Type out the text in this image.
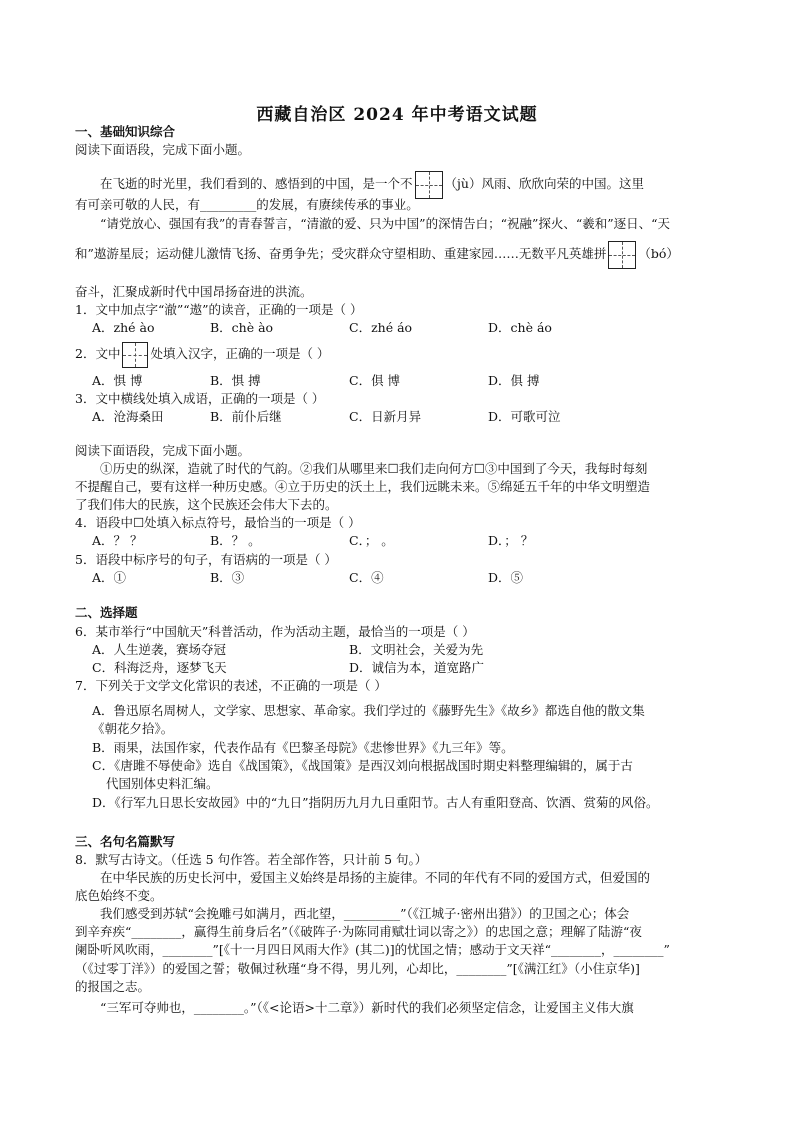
西藏自治区 2024 年中考语文试题
一、基础知识综合
阅读下面语段，完成下面小题。
在飞逝的时光里，我们看到的、感悟到的中国，是一个不	（jù）风雨、欣欣向荣的中国。这里
有可亲可敬的人民，有_________的发展，有赓续传承的事业。
“请党放心、强国有我”的青春誓言，“清澈的爱、只为中国”的深情告白；“祝融”探火、“羲和”逐日、“天
和”遨游星辰；运动健儿激情飞扬、奋勇争先；受灾群众守望相助、重建家园……无数平凡英雄拼	（bó）
奋斗，汇聚成新时代中国昂扬奋进的洪流。
1．文中加点字“澈”“遨”的读音，正确的一项是（ ）
A．zhé ào	B．chè ào	C．zhé áo	D．chè áo
2．文中 处填入汉字，正确的一项是（ ）
A．惧 博	B．惧 搏	C．俱 博	D．俱 搏
3．文中横线处填入成语，正确的一项是（ ）
A．沧海桑田	B．前仆后继	C．日新月异	D．可歌可泣
阅读下面语段，完成下面小题。
①历史的纵深，造就了时代的气韵。②我们从哪里来☐我们走向何方☐③中国到了今天，我每时每刻
不提醒自己，要有这样一种历史感。④立于历史的沃土上，我们远眺未来。⑤绵延五千年的中华文明塑造
了我们伟大的民族，这个民族还会伟大下去的。
4．语段中☐处填入标点符号，最恰当的一项是（ ）
A．？ ？	B．？ 。	C．； 。	D．； ？
5．语段中标序号的句子，有语病的一项是（ ）
A．①	B．③	C．④	D．⑤
二、选择题
6．某市举行“中国航天”科普活动，作为活动主题，最恰当的一项是（ ）
A．人生逆袭，赛场夺冠	B．文明社会，关爱为先
C．科海泛舟，逐梦飞天	D．诚信为本，道宽路广
7．下列关于文学文化常识的表述，不正确的一项是（ ）
A．鲁迅原名周树人，文学家、思想家、革命家。我们学过的《藤野先生》《故乡》都选自他的散文集
《朝花夕拾》。
B．雨果，法国作家，代表作品有《巴黎圣母院》《悲惨世界》《九三年》等。
C．《唐雎不辱使命》选自《战国策》，《战国策》是西汉刘向根据战国时期史料整理编辑的，属于古
代国别体史料汇编。
D．《行军九日思长安故园》中的“九日”指阴历九月九日重阳节。古人有重阳登高、饮酒、赏菊的风俗。
三、名句名篇默写
8．默写古诗文。（任选 5 句作答。若全部作答，只计前 5 句。）
在中华民族的历史长河中，爱国主义始终是昂扬的主旋律。不同的年代有不同的爱国方式，但爱国的
底色始终不变。
我们感受到苏轼“会挽雕弓如满月，西北望，_________”（《江城子·密州出猎》）的卫国之心；体会
到辛弃疾“________，赢得生前身后名”（《破阵子·为陈同甫赋壮词以寄之》）的忠国之意；理解了陆游“夜
阑卧听风吹雨，________”[《十一月四日风雨大作》(其二)]的忧国之情；感动于文天祥“________，________”
（《过零丁洋》）的爱国之誓；敬佩过秋瑾“身不得，男儿列，心却比，________”[《满江红》（小住京华)]
的报国之志。
“三军可夺帅也，________。”（《<论语>十二章》）新时代的我们必须坚定信念，让爱国主义伟大旗
